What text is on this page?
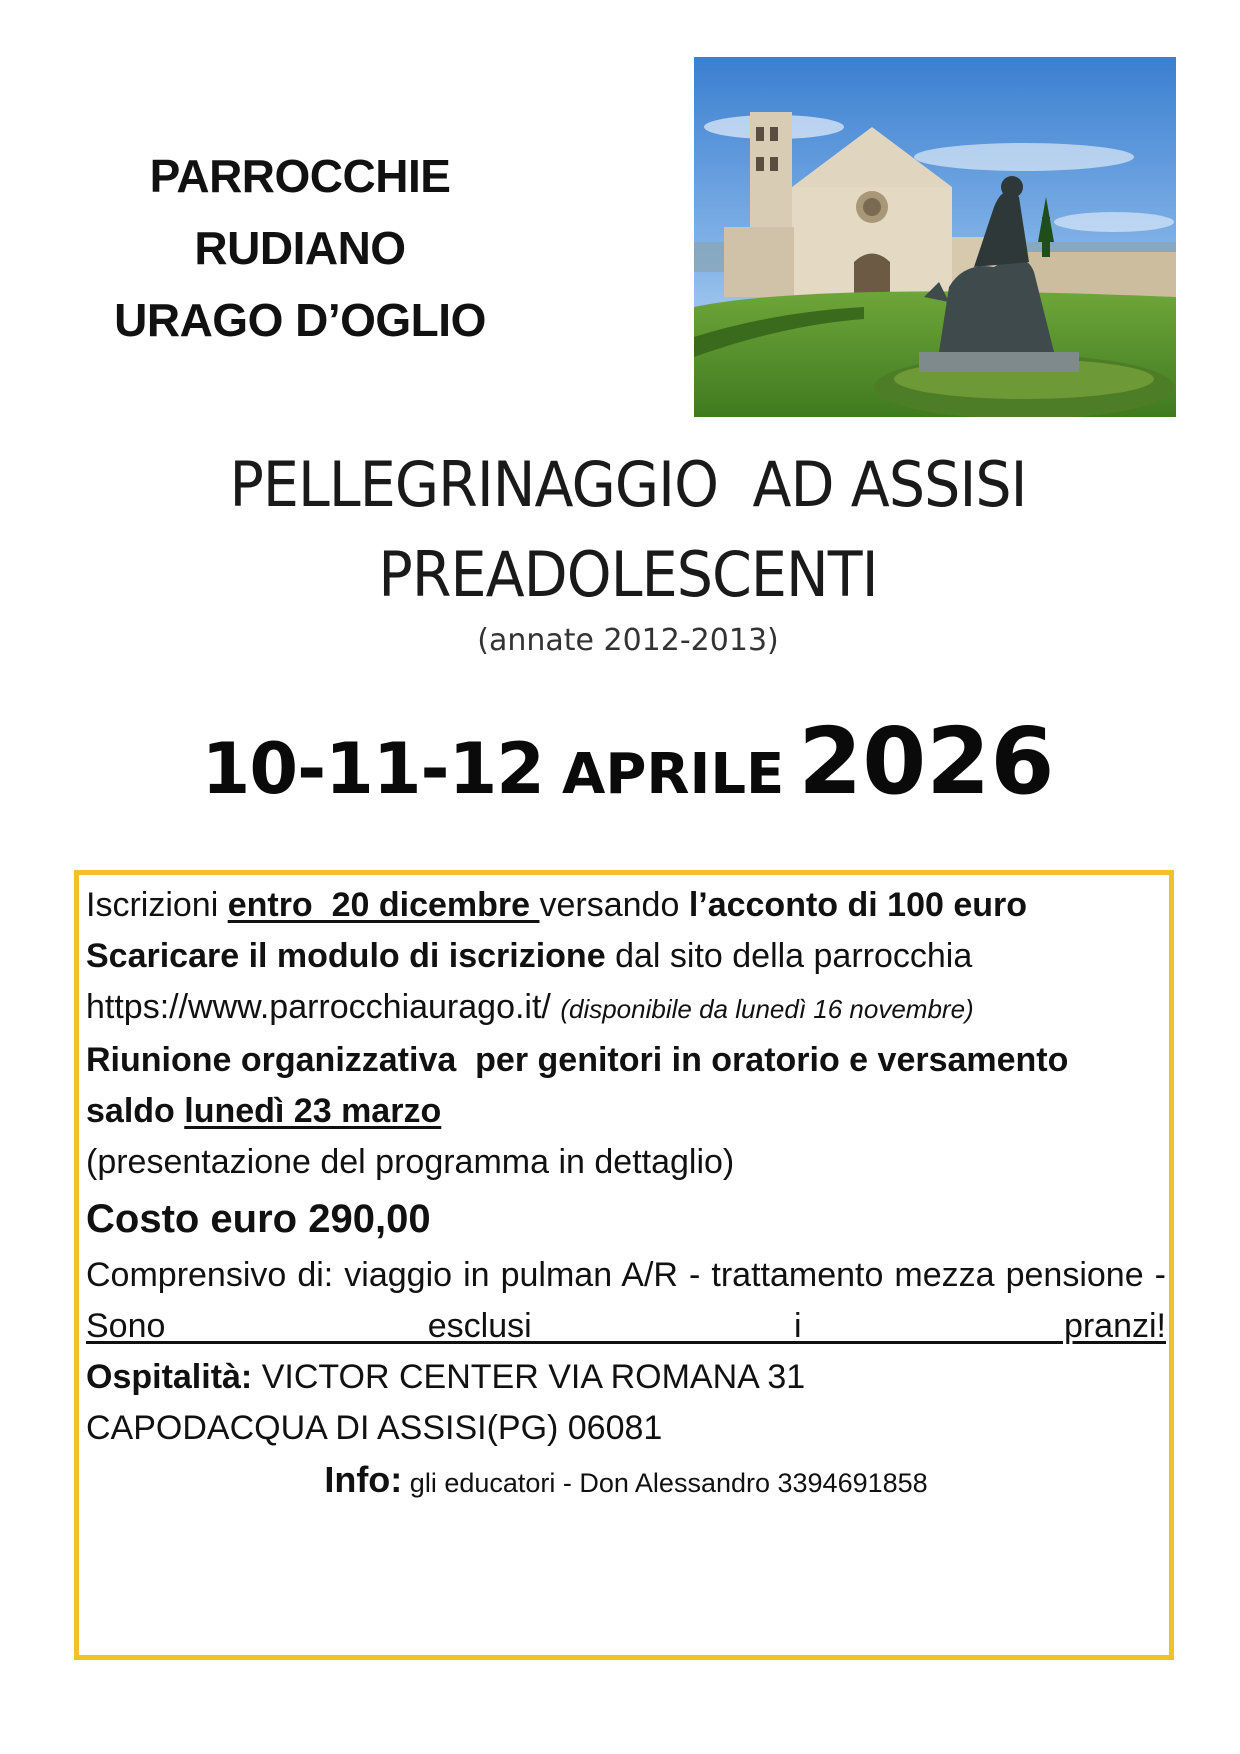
PARROCCHIE
RUDIANO
URAGO D’OGLIO
PELLEGRINAGGIO  AD ASSISI
PREADOLESCENTI
(annate 2012-2013)
10-11-12 APRILE 2026

Iscrizioni entro  20 dicembre versando l’acconto di 100 euro

Scaricare il modulo di iscrizione dal sito della parrocchia

https://www.parrocchiaurago.it/ (disponibile da lunedì 16 novembre)

Riunione organizzativa  per genitori in oratorio e versamento

saldo lunedì 23 marzo

(presentazione del programma in dettaglio)

Costo euro 290,00

Comprensivo di: viaggio in pulman A/R - trattamento mezza pensione - Sono esclusi i pranzi!

Ospitalità: VICTOR CENTER VIA ROMANA 31

CAPODACQUA DI ASSISI(PG) 06081

Info: gli educatori - Don Alessandro 3394691858
